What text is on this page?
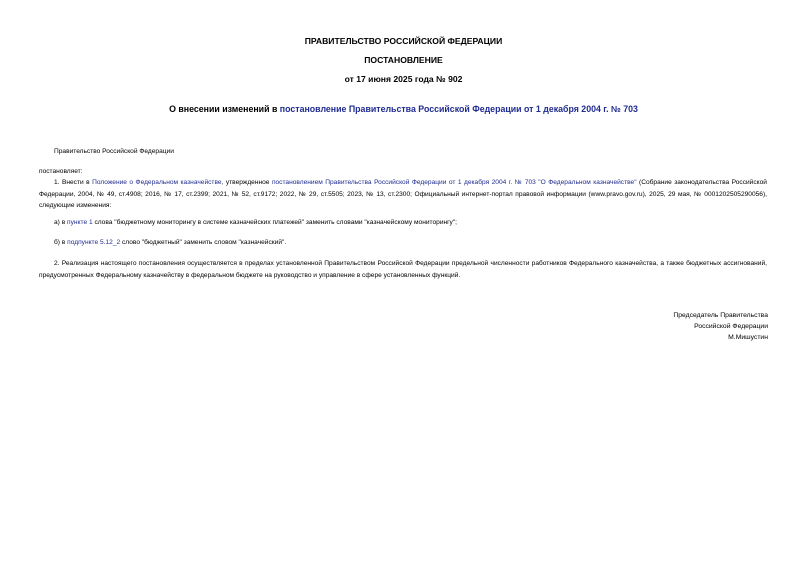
ПРАВИТЕЛЬСТВО РОССИЙСКОЙ ФЕДЕРАЦИИ
ПОСТАНОВЛЕНИЕ
от 17 июня 2025 года № 902
О внесении изменений в постановление Правительства Российской Федерации от 1 декабря 2004 г. № 703
Правительство Российской Федерации
постановляет:
1. Внести в Положение о Федеральном казначействе, утвержденное постановлением Правительства Российской Федерации от 1 декабря 2004 г. № 703 "О Федеральном казначействе" (Собрание законодательства Российской Федерации, 2004, № 49, ст.4908; 2016, № 17, ст.2399; 2021, № 52, ст.9172; 2022, № 29, ст.5505; 2023, № 13, ст.2300; Официальный интернет-портал правовой информации (www.pravo.gov.ru), 2025, 29 мая, № 0001202505290056), следующие изменения:
а) в пункте 1 слова "бюджетному мониторингу в системе казначейских платежей" заменить словами "казначейскому мониторингу";
б) в подпункте 5.12_2 слово "бюджетный" заменить словом "казначейский".
2. Реализация настоящего постановления осуществляется в пределах установленной Правительством Российской Федерации предельной численности работников Федерального казначейства, а также бюджетных ассигнований, предусмотренных Федеральному казначейству в федеральном бюджете на руководство и управление в сфере установленных функций.
Председатель Правительства
Российской Федерации
М.Мишустин
